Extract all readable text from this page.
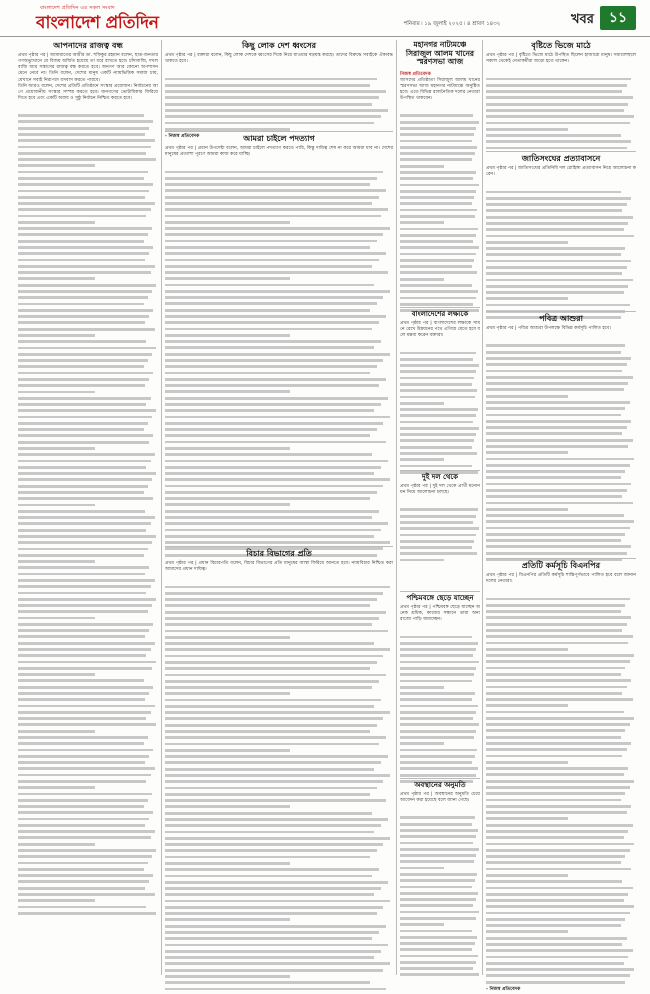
বাংলাদেশ প্রতিদিন এর সকল সংবাদ
বাংলাদেশ প্রতিদিন	শনিবার ৷ ১৯ জুলাই ২০২৫ ৷ ৪ শ্রাবণ ১৪৩২	খবর	১১
আপনাদের রাজত্ব বন্ধ

প্রথম পৃষ্ঠার পর | জামায়াতের আমীর ডা. শফিকুর রহমান বলেন, ছাত্র-জনতার গণঅভ্যুত্থানে যে বিজয় অর্জিত হয়েছে তা ধরে রাখতে হবে। চাঁদাবাজি, দখলবাজি আর সন্ত্রাসের রাজত্ব বন্ধ করতে হবে। জনগণ আর কোনো অপশাসন মেনে নেবে না। তিনি বলেন, দেশের মানুষ একটি ন্যায়ভিত্তিক সমাজ চায়, যেখানে সবাই নিরাপদে বসবাস করতে পারবে।

তিনি আরও বলেন, দেশের প্রতিটি প্রতিষ্ঠানে সংস্কার প্রয়োজন। নির্বাচনের আগে প্রয়োজনীয় সংস্কার সম্পন্ন করতে হবে। জনগণের ভোটাধিকার ফিরিয়ে দিতে হবে এবং একটি অবাধ ও সুষ্ঠু নির্বাচন নিশ্চিত করতে হবে।

কিছু লোক দেশ ধ্বংসের

প্রথম পৃষ্ঠার পর | বক্তারা বলেন, কিছু লোক দেশকে ধ্বংসের দিকে নিয়ে যাওয়ার ষড়যন্ত্র করছে। তাদের বিরুদ্ধে সবাইকে ঐক্যবদ্ধ থাকতে হবে।

- নিজস্ব প্রতিবেদক	আমরা চাইলে পদত্যাগ

প্রথম পৃষ্ঠার পর | প্রধান উপদেষ্টা বলেন, আমরা চাইলে পদত্যাগ করতে পারি, কিন্তু দায়িত্ব শেষ না করে আমরা যাব না। দেশের মানুষের প্রত্যাশা পূরণে আমরা কাজ করে যাচ্ছি।

বিচার বিভাগের প্রতি

প্রথম পৃষ্ঠার পর | প্রধান বিচারপতি বলেন, বিচার বিভাগের প্রতি মানুষের আস্থা ফিরিয়ে আনতে হবে। ন্যায়বিচার নিশ্চিত করা আমাদের প্রধান দায়িত্ব।

মহানগর নাট্যমঞ্চে সিরাজুল আলম খানের স্মরণসভা আজ
নিজস্ব প্রতিবেদক

জাসদের প্রতিষ্ঠাতা সিরাজুল আলম খানের স্মরণসভা আজ মহানগর নাট্যমঞ্চে অনুষ্ঠিত হবে। এতে বিভিন্ন রাজনৈতিক দলের নেতারা উপস্থিত থাকবেন।

বাংলাদেশের লক্ষ্যকে

প্রথম পৃষ্ঠার পর | বাংলাদেশের লক্ষ্যকে সামনে রেখে উন্নয়নের পথে এগিয়ে যেতে হবে বলে মন্তব্য করেন বক্তারা।

দুই দল থেকে

প্রথম পৃষ্ঠার পর | দুই দল থেকে প্রার্থী মনোনয়ন নিয়ে আলোচনা চলছে।

পশ্চিমবঙ্গে ছেড়ে যাচ্ছেন

প্রথম পৃষ্ঠার পর | পশ্চিমবঙ্গ ছেড়ে যাচ্ছেন অনেক শ্রমিক, কাজের সন্ধানে তারা অন্য রাজ্যে পাড়ি জমাচ্ছেন।

অবস্থানের অনুমতি

প্রথম পৃষ্ঠার পর | অবস্থানের অনুমতি চেয়ে আবেদন করা হয়েছে বলে জানা গেছে।

বৃষ্টিতে ভিজে মাঠে

প্রথম পৃষ্ঠার পর | বৃষ্টিতে ভিজে মাঠে উপস্থিত ছিলেন হাজারো মানুষ। সমাবেশস্থলে সকাল থেকেই নেতাকর্মীরা জড়ো হতে থাকেন।

জাতিসংঘের প্রত্যাবাসনে

প্রথম পৃষ্ঠার পর | জাতিসংঘের প্রতিনিধি দল রোহিঙ্গা প্রত্যাবাসন নিয়ে আলোচনা করেন।

পবিত্র আশুরা

প্রথম পৃষ্ঠার পর | পবিত্র আশুরা উপলক্ষে বিভিন্ন কর্মসূচি পালিত হবে।

প্রতিটি কর্মসূচি বিএনপির

প্রথম পৃষ্ঠার পর | বিএনপির প্রতিটি কর্মসূচি শান্তিপূর্ণভাবে পালিত হবে বলে জানান দলের নেতারা।

- নিজস্ব প্রতিবেদক
